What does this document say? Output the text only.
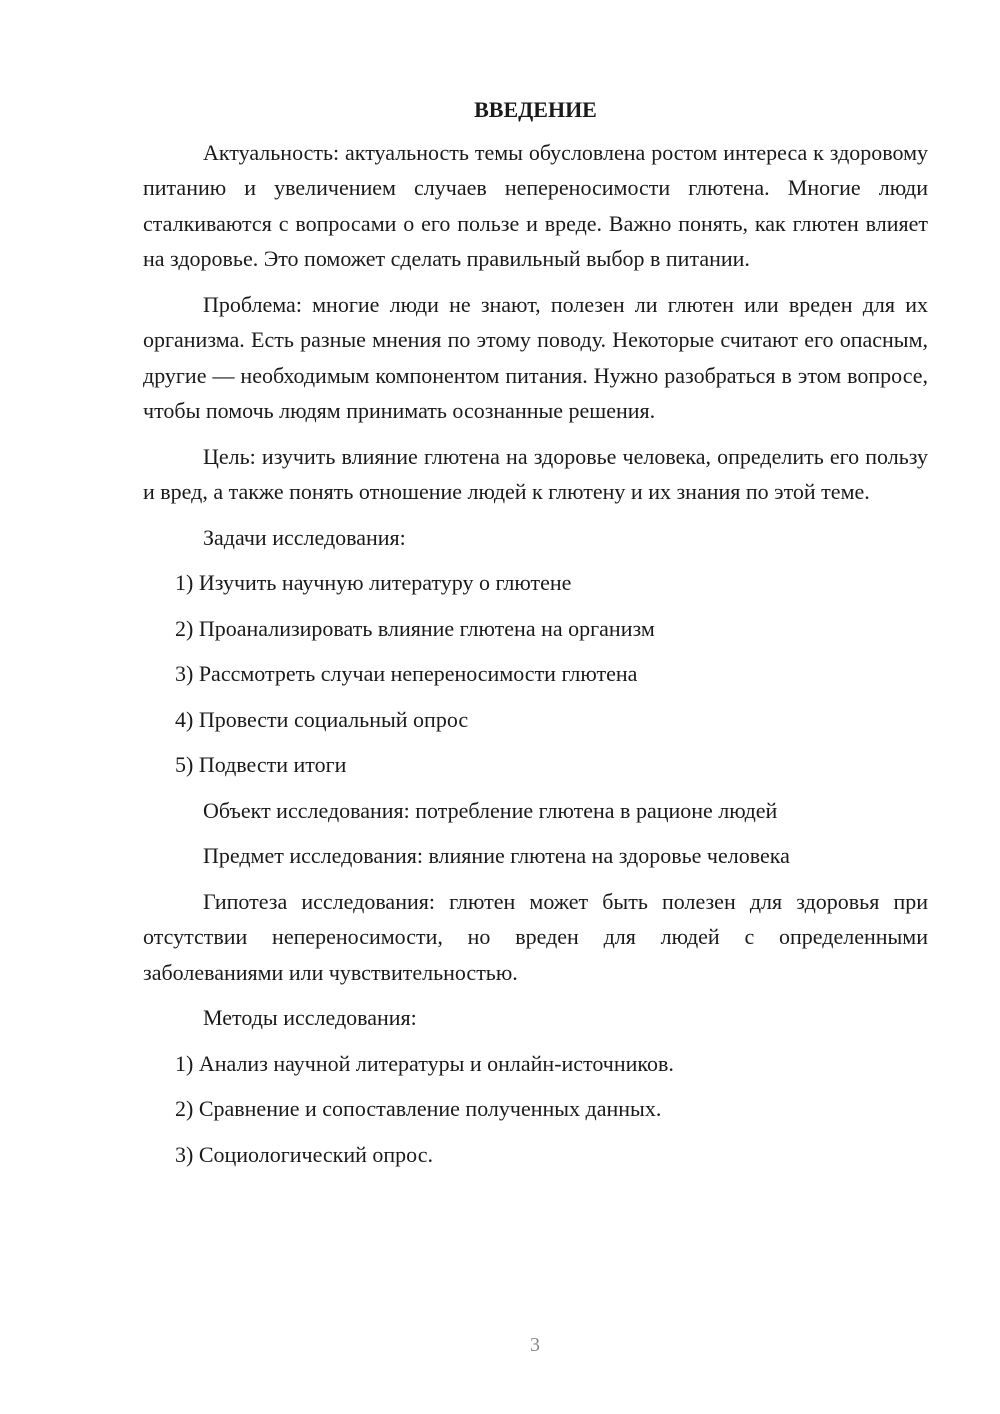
ВВЕДЕНИЕ

Актуальность: актуальность темы обусловлена ростом интереса к здоровому питанию и увеличением случаев непереносимости глютена. Многие люди сталкиваются с вопросами о его пользе и вреде. Важно понять, как глютен влияет на здоровье. Это поможет сделать правильный выбор в питании.

Проблема: многие люди не знают, полезен ли глютен или вреден для их организма. Есть разные мнения по этому поводу. Некоторые считают его опасным, другие — необходимым компонентом питания. Нужно разобраться в этом вопросе, чтобы помочь людям принимать осознанные решения.

Цель: изучить влияние глютена на здоровье человека, определить его пользу и вред, а также понять отношение людей к глютену и их знания по этой теме.

Задачи исследования:
1) Изучить научную литературу о глютене
2) Проанализировать влияние глютена на организм
3) Рассмотреть случаи непереносимости глютена
4) Провести социальный опрос
5) Подвести итоги
Объект исследования: потребление глютена в рационе людей
Предмет исследования: влияние глютена на здоровье человека

Гипотеза исследования: глютен может быть полезен для здоровья при отсутствии непереносимости, но вреден для людей с определенными заболеваниями или чувствительностью.

Методы исследования:
1) Анализ научной литературы и онлайн-источников.
2) Сравнение и сопоставление полученных данных.
3) Социологический опрос.
3
